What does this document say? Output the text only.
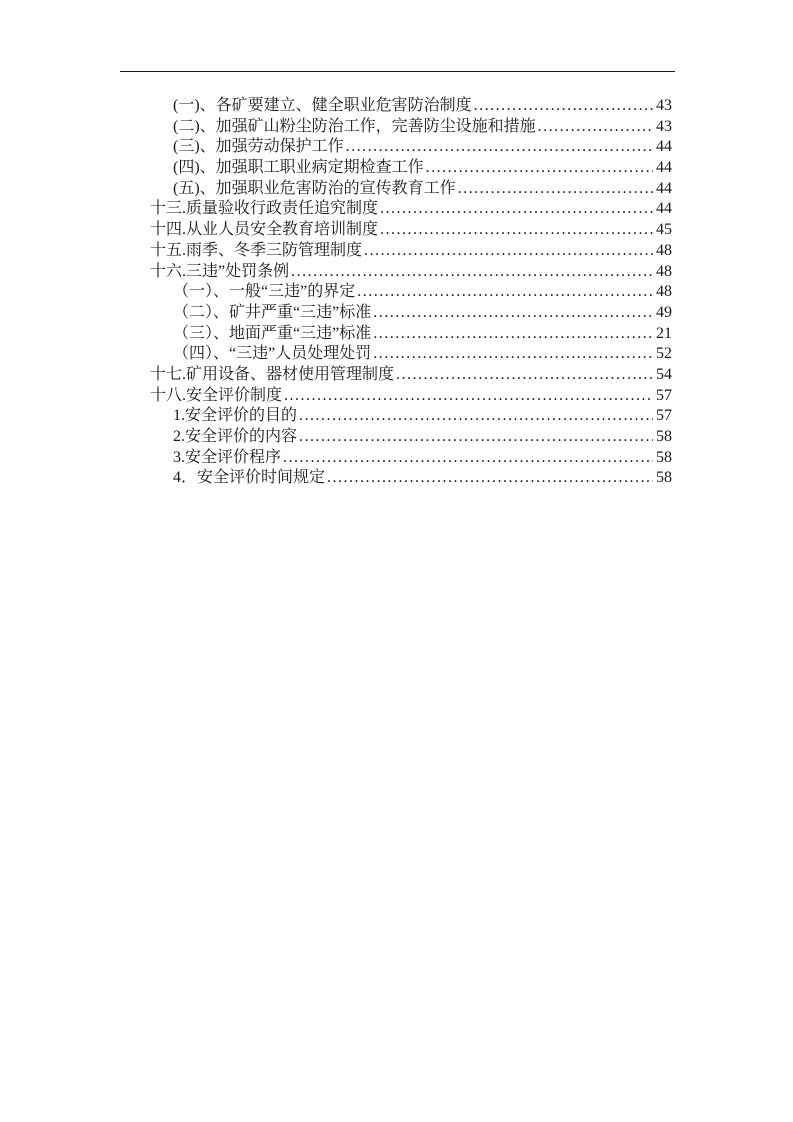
(一)、各矿要建立、健全职业危害防治制度 .....	43
(二)、加强矿山粉尘防治工作，完善防尘设施和措施 .....	43
(三)、加强劳动保护工作 .....	44
(四)、加强职工职业病定期检查工作 .....	44
(五)、加强职业危害防治的宣传教育工作 .....	44
十三.质量验收行政责任追究制度 .....	44
十四.从业人员安全教育培训制度 .....	45
十五.雨季、冬季三防管理制度 .....	48
十六.三违”处罚条例 .....	48
（一）、一般“三违”的界定 .....	48
（二）、矿井严重“三违”标准 .....	49
（三）、地面严重“三违”标准 .....	21
（四）、“三违”人员处理处罚 .....	52
十七.矿用设备、器材使用管理制度 .....	54
十八.安全评价制度 .....	57
1.安全评价的目的 .....	57
2.安全评价的内容 .....	58
3.安全评价程序 .....	58
4．安全评价时间规定 .....	58
